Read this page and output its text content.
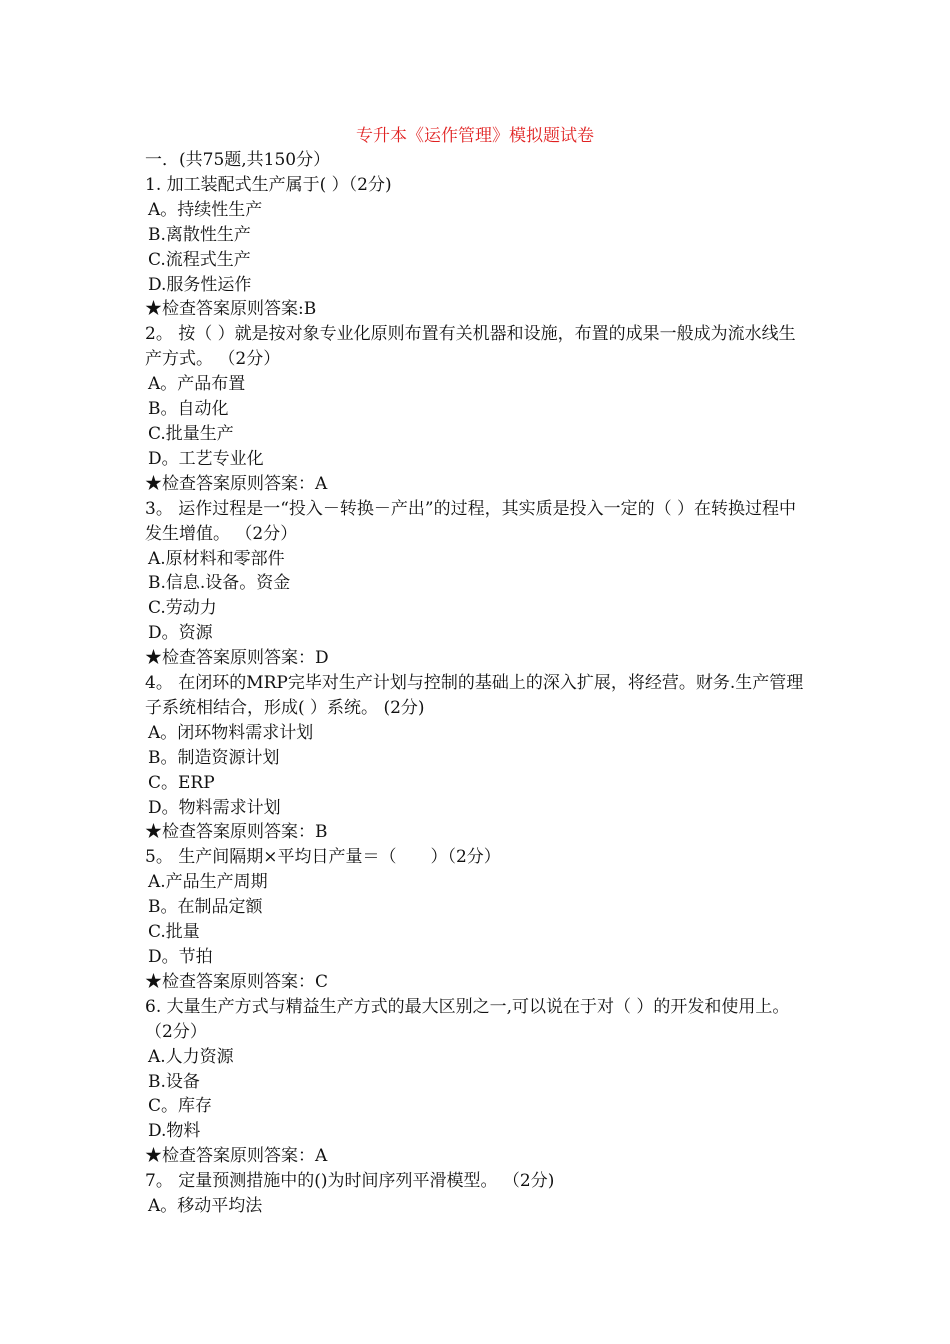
专升本《运作管理》模拟题试卷
一．(共75题,共150分）
1. 加工装配式生产属于( ）（2分)
A。持续性生产
B.离散性生产
C.流程式生产
D.服务性运作
★检查答案原则答案:B
2。 按（ ）就是按对象专业化原则布置有关机器和设施，布置的成果一般成为流水线生产方式。 （2分）
A。产品布置
B。自动化
C.批量生产
D。工艺专业化
★检查答案原则答案：A
3。 运作过程是一“投入－转换－产出”的过程，其实质是投入一定的（ ）在转换过程中发生增值。 （2分）
A.原材料和零部件
B.信息.设备。资金
C.劳动力
D。资源
★检查答案原则答案：D
4。 在闭环的MRP完毕对生产计划与控制的基础上的深入扩展，将经营。财务.生产管理子系统相结合，形成( ）系统。 (2分)
A。闭环物料需求计划
B。制造资源计划
C。ERP
D。物料需求计划
★检查答案原则答案：B
5。 生产间隔期×平均日产量＝（　　）（2分）
A.产品生产周期
B。在制品定额
C.批量
D。节拍
★检查答案原则答案：C
6. 大量生产方式与精益生产方式的最大区别之一,可以说在于对（ ）的开发和使用上。 （2分）
A.人力资源
B.设备
C。库存
D.物料
★检查答案原则答案：A
7。 定量预测措施中的()为时间序列平滑模型。 （2分)
A。移动平均法
